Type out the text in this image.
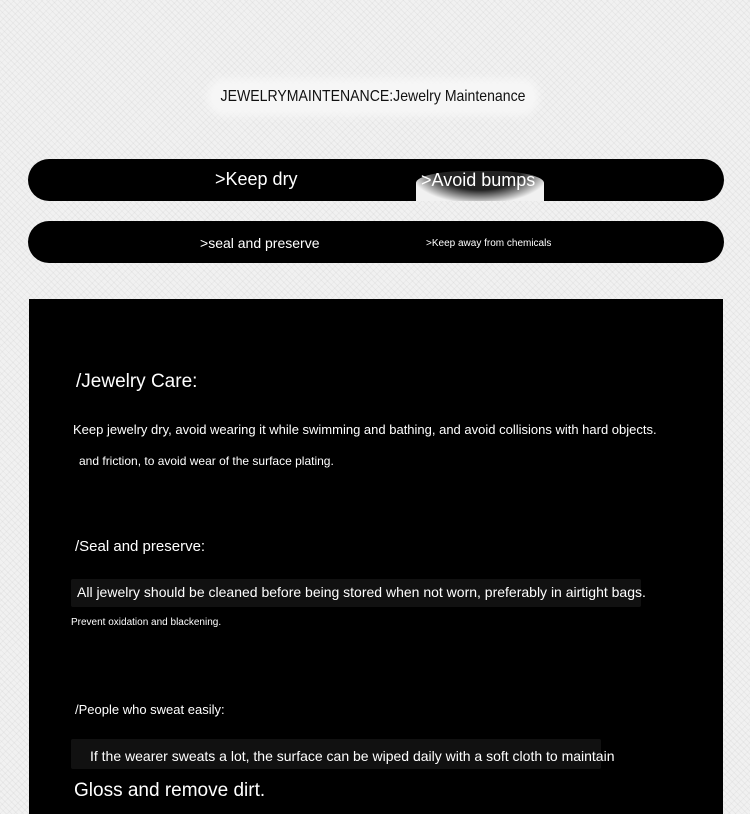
JEWELRYMAINTENANCE:Jewelry Maintenance
>Keep dry	>Avoid bumps
>seal and preserve	>Keep away from chemicals
/Jewelry Care:
Keep jewelry dry, avoid wearing it while swimming and bathing, and avoid collisions with hard objects.
and friction, to avoid wear of the surface plating.
/Seal and preserve:
All jewelry should be cleaned before being stored when not worn, preferably in airtight bags.
Prevent oxidation and blackening.
/People who sweat easily:
If the wearer sweats a lot, the surface can be wiped daily with a soft cloth to maintain
Gloss and remove dirt.
